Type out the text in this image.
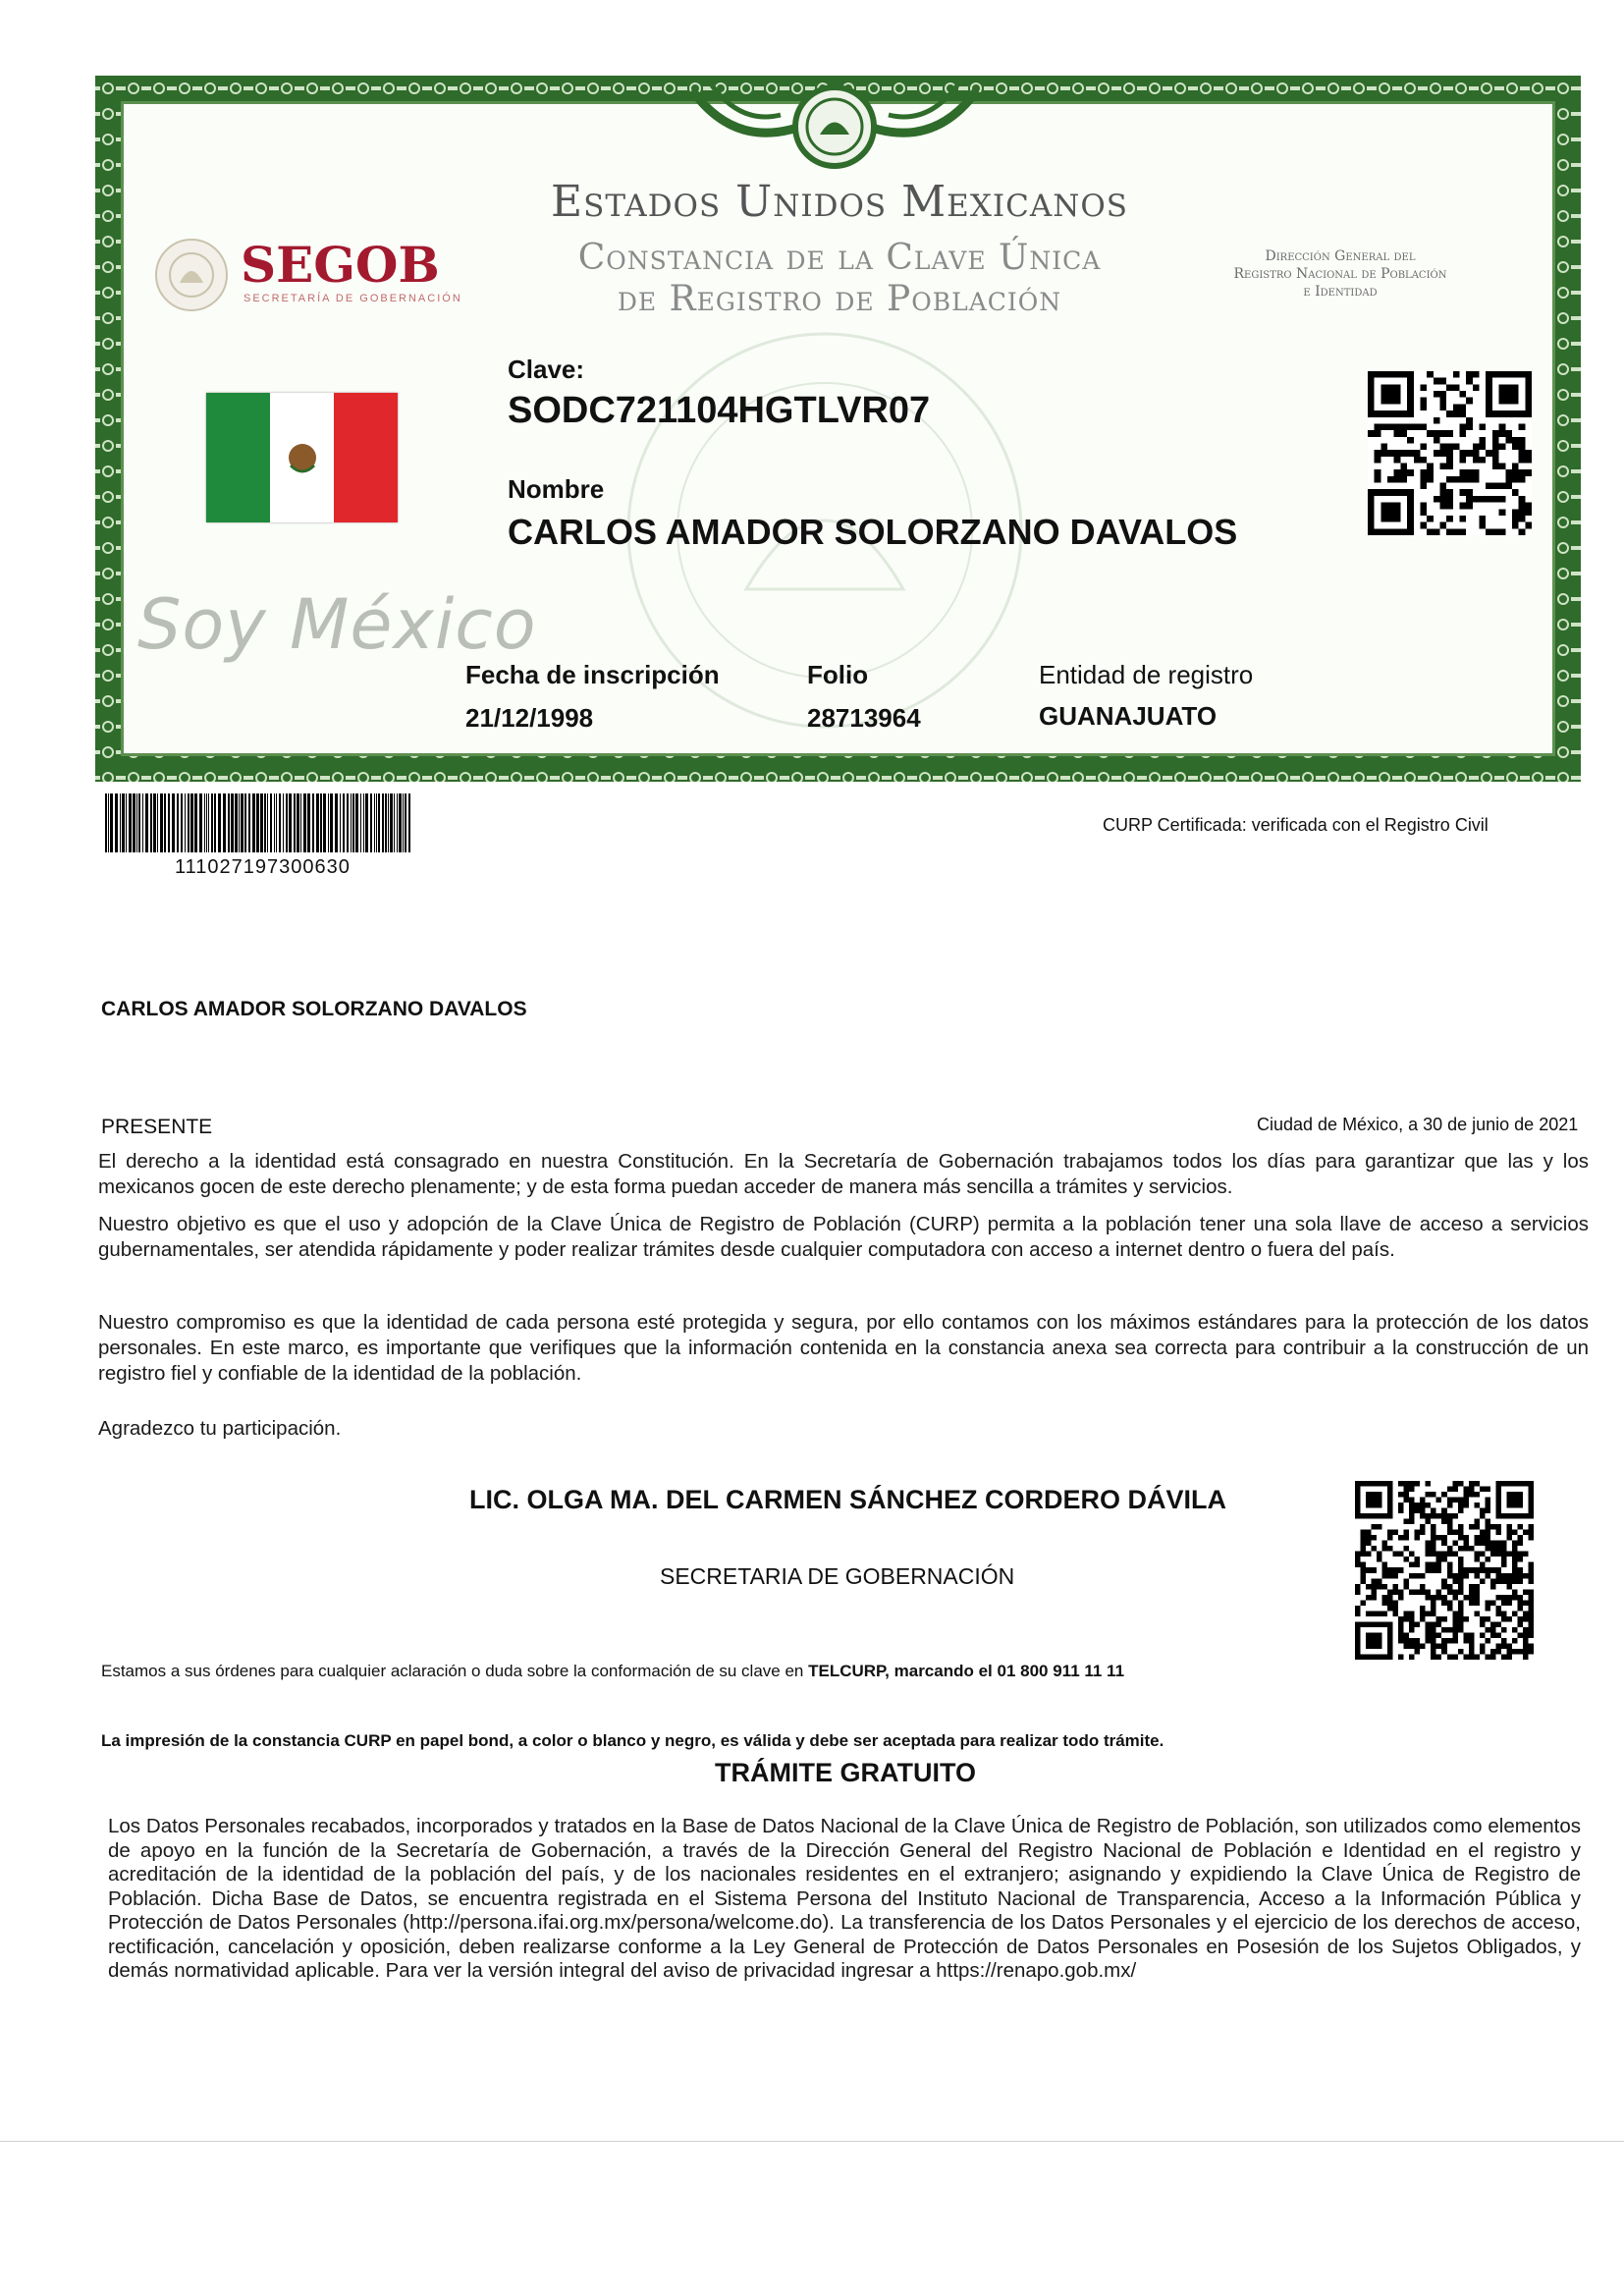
Estados Unidos Mexicanos
Constancia de la Clave Única
de Registro de Población
SEGOB
SECRETARÍA DE GOBERNACIÓN
Dirección General del
Registro Nacional de Población
e Identidad
Clave:
SODC721104HGTLVR07
Nombre
CARLOS AMADOR SOLORZANO DAVALOS
Soy México
Fecha de inscripción
21/12/1998
Folio
28713964
Entidad de registro
GUANAJUATO
111027197300630
CURP Certificada: verificada con el Registro Civil
CARLOS AMADOR SOLORZANO DAVALOS
PRESENTE	Ciudad de México, a 30 de junio de 2021
El derecho a la identidad está consagrado en nuestra Constitución. En la Secretaría de Gobernación trabajamos todos los días para garantizar que las y los mexicanos gocen de este derecho plenamente; y de esta forma puedan acceder de manera más sencilla a trámites y servicios.
Nuestro objetivo es que el uso y adopción de la Clave Única de Registro de Población (CURP) permita a la población tener una sola llave de acceso a servicios gubernamentales, ser atendida rápidamente y poder realizar trámites desde cualquier computadora con acceso a internet dentro o fuera del país.
Nuestro compromiso es que la identidad de cada persona esté protegida y segura, por ello contamos con los máximos estándares para la protección de los datos personales. En este marco, es importante que verifiques que la información contenida en la constancia anexa sea correcta para contribuir a la construcción de un registro fiel y confiable de la identidad de la población.
Agradezco tu participación.
LIC. OLGA MA. DEL CARMEN SÁNCHEZ CORDERO DÁVILA
SECRETARIA DE GOBERNACIÓN
Estamos a sus órdenes para cualquier aclaración o duda sobre la conformación de su clave en TELCURP, marcando el 01 800 911 11 11
La impresión de la constancia CURP en papel bond, a color o blanco y negro, es válida y debe ser aceptada para realizar todo trámite.
TRÁMITE GRATUITO
Los Datos Personales recabados, incorporados y tratados en la Base de Datos Nacional de la Clave Única de Registro de Población, son utilizados como elementos de apoyo en la función de la Secretaría de Gobernación, a través de la Dirección General del Registro Nacional de Población e Identidad en el registro y acreditación de la identidad de la población del país, y de los nacionales residentes en el extranjero; asignando y expidiendo la Clave Única de Registro de Población. Dicha Base de Datos, se encuentra registrada en el Sistema Persona del Instituto Nacional de Transparencia, Acceso a la Información Pública y Protección de Datos Personales (http://persona.ifai.org.mx/persona/welcome.do). La transferencia de los Datos Personales y el ejercicio de los derechos de acceso, rectificación, cancelación y oposición, deben realizarse conforme a la Ley General de Protección de Datos Personales en Posesión de los Sujetos Obligados, y demás normatividad aplicable. Para ver la versión integral del aviso de privacidad ingresar a https://renapo.gob.mx/
